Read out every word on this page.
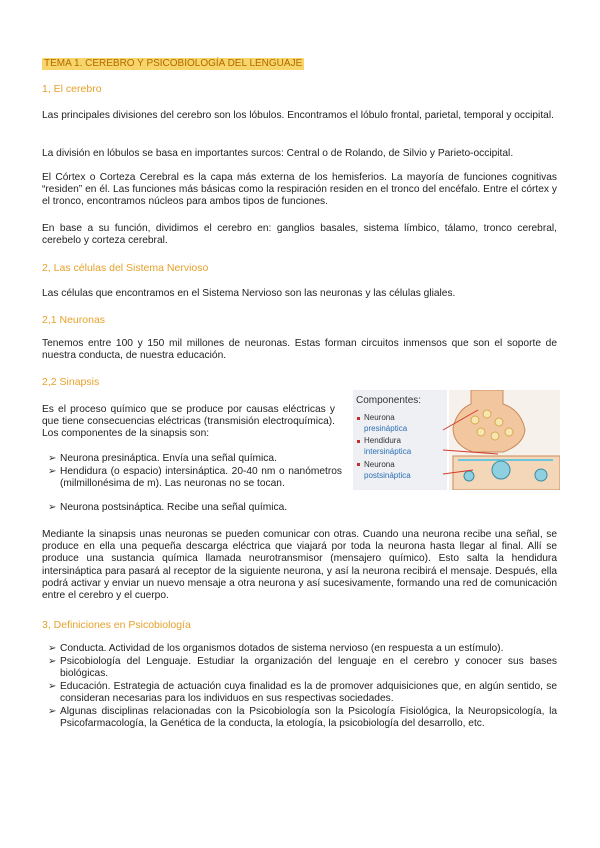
TEMA 1. CEREBRO Y PSICOBIOLOGÍA DEL LENGUAJE
1, El cerebro
Las principales divisiones del cerebro son los lóbulos. Encontramos el lóbulo frontal, parietal, temporal y occipital.
La división en lóbulos se basa en importantes surcos: Central o de Rolando, de Silvio y Parieto-occipital.
El Córtex o Corteza Cerebral es la capa más externa de los hemisferios. La mayoría de funciones cognitivas “residen” en él. Las funciones más básicas como la respiración residen en el tronco del encéfalo. Entre el córtex y el tronco, encontramos núcleos para ambos tipos de funciones.
En base a su función, dividimos el cerebro en: ganglios basales, sistema límbico, tálamo, tronco cerebral, cerebelo y corteza cerebral.
2, Las células del Sistema Nervioso
Las células que encontramos en el Sistema Nervioso son las neuronas y las células gliales.
2,1 Neuronas
Tenemos entre 100 y 150 mil millones de neuronas. Estas forman circuitos inmensos que son el soporte de nuestra conducta, de nuestra educación.
2,2 Sinapsis
Es el proceso químico que se produce por causas eléctricas y que tiene consecuencias eléctricas (transmisión electroquímica). Los componentes de la sinapsis son:
➢ Neurona presináptica. Envía una señal química.
➢ Hendidura (o espacio) intersináptica. 20-40 nm o nanómetros (milmillonésima de m). Las neuronas no se tocan.
➢ Neurona postsináptica. Recibe una señal química.
Componentes:
Neurona
presináptica
Hendidura
intersináptica
Neurona
postsináptica
Mediante la sinapsis unas neuronas se pueden comunicar con otras. Cuando una neurona recibe una señal, se produce en ella una pequeña descarga eléctrica que viajará por toda la neurona hasta llegar al final. Allí se produce una sustancia química llamada neurotransmisor (mensajero químico). Esto salta la hendidura intersináptica para pasará al receptor de la siguiente neurona, y así la neurona recibirá el mensaje. Después, ella podrá activar y enviar un nuevo mensaje a otra neurona y así sucesivamente, formando una red de comunicación entre el cerebro y el cuerpo.
3, Definiciones en Psicobiología
➢ Conducta. Actividad de los organismos dotados de sistema nervioso (en respuesta a un estímulo).
➢ Psicobiología del Lenguaje. Estudiar la organización del lenguaje en el cerebro y conocer sus bases biológicas.
➢ Educación. Estrategia de actuación cuya finalidad es la de promover adquisiciones que, en algún sentido, se consideran necesarias para los individuos en sus respectivas sociedades.
➢ Algunas disciplinas relacionadas con la Psicobiología son la Psicología Fisiológica, la Neuropsicología, la Psicofarmacología, la Genética de la conducta, la etología, la psicobiología del desarrollo, etc.
